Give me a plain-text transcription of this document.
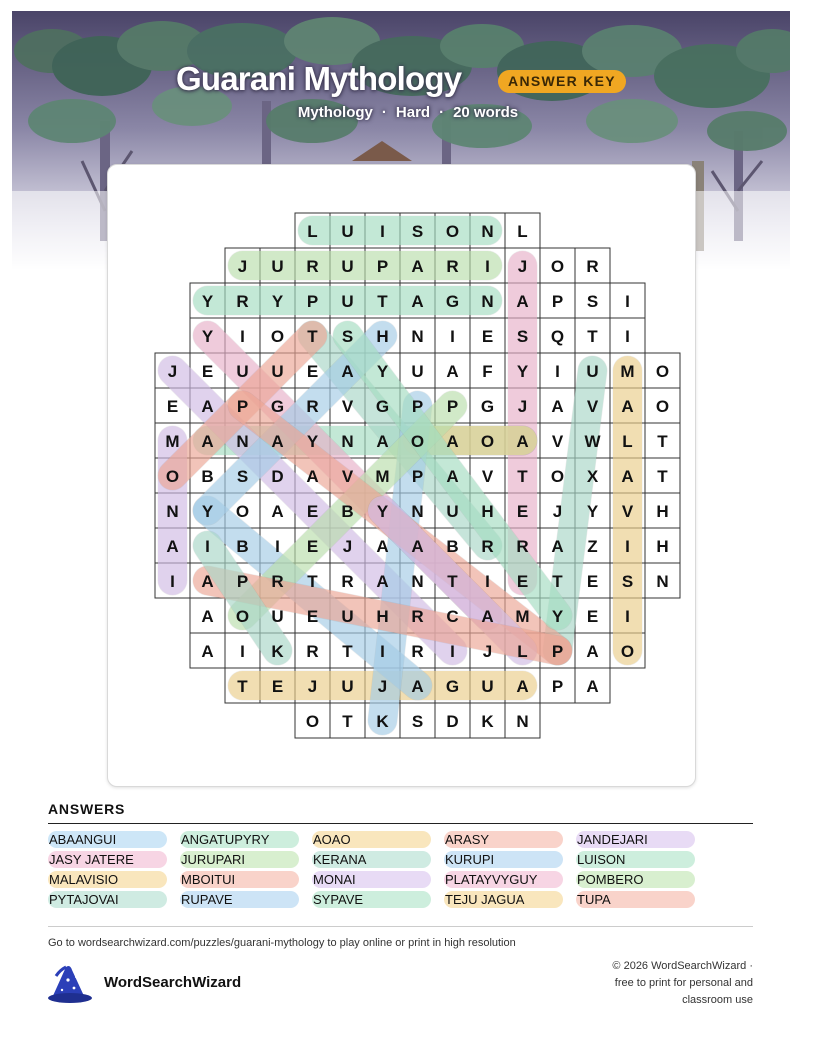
Guarani Mythology	ANSWER KEY
Mythology · Hard · 20 words
L U I S O N L
J U R U P A R I J O R
Y R Y P U T A G N A P S I
Y I O T S H N I E S Q T I
J E U U E A Y U A F Y I U M O
E A P G R V G P P G J A V A O
M A N A Y N A O A O A V W L T
O B S D A V M P A V T O X A T
N Y O A E B Y N U H E J Y V H
A I B I E J A A B R R A Z I H
I A P R T R A N T I E T E S N
A O U E U H R C A M Y E I
A I K R T I R I J L P A O
T E J U J A G U A P A
O T K S D K N
ANSWERS
ABAANGUI	ANGATUPYRY	AOAO	ARASY	JANDEJARI
JASY JATERE	JURUPARI	KERANA	KURUPI	LUISON
MALAVISIO	MBOITUI	MONAI	PLATAYVYGUY	POMBERO
PYTAJOVAI	RUPAVE	SYPAVE	TEJU JAGUA	TUPA
Go to wordsearchwizard.com/puzzles/guarani-mythology to play online or print in high resolution
WordSearchWizard
© 2026 WordSearchWizard ·
free to print for personal and
classroom use
